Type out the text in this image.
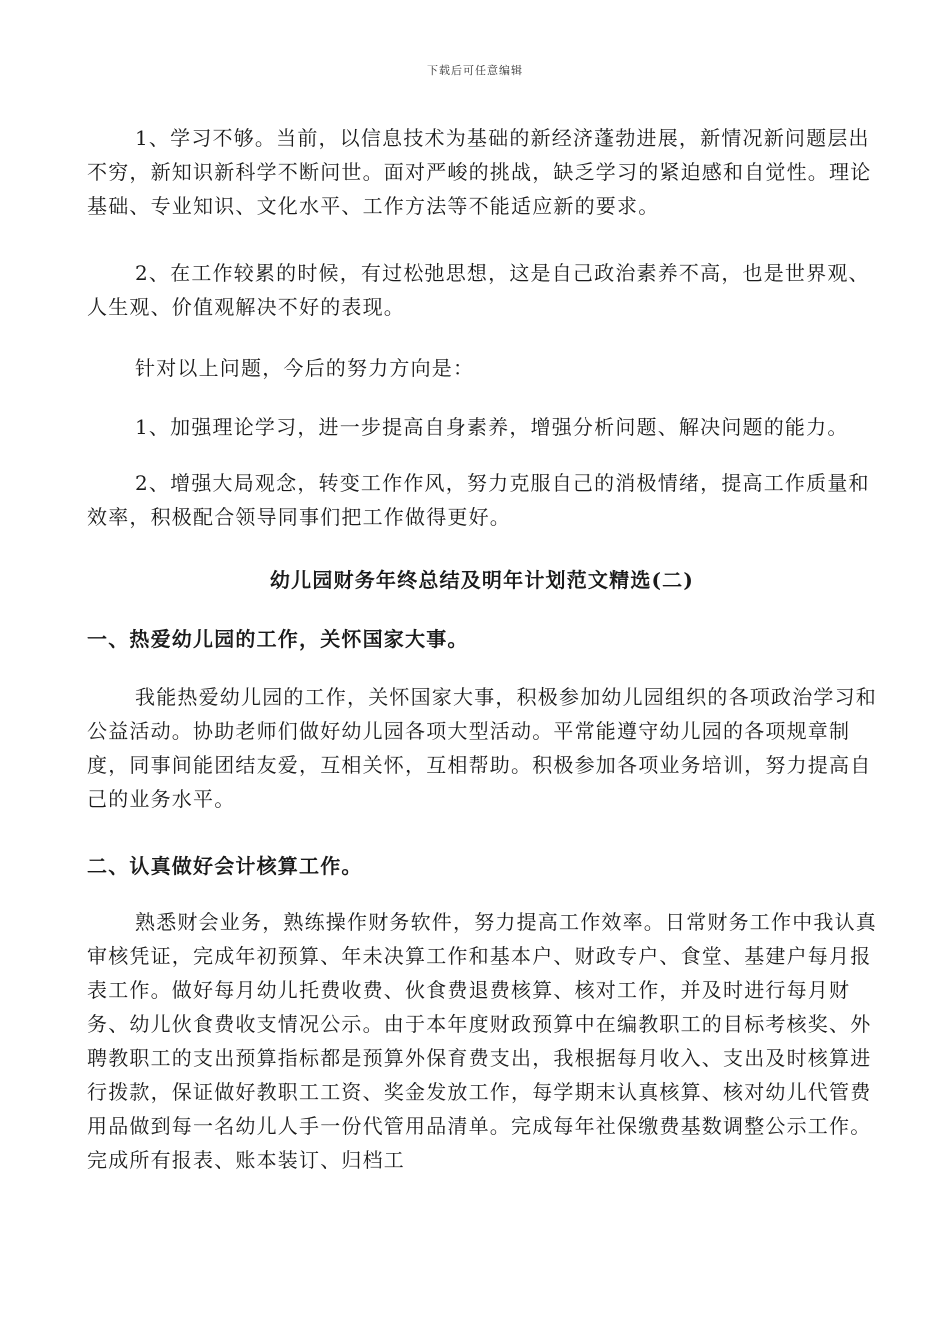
下载后可任意编辑

1、学习不够。当前，以信息技术为基础的新经济蓬勃进展，新情况新问题层出不穷，新知识新科学不断问世。面对严峻的挑战，缺乏学习的紧迫感和自觉性。理论基础、专业知识、文化水平、工作方法等不能适应新的要求。

2、在工作较累的时候，有过松弛思想，这是自己政治素养不高，也是世界观、人生观、价值观解决不好的表现。

针对以上问题，今后的努力方向是：

1、加强理论学习，进一步提高自身素养，增强分析问题、解决问题的能力。

2、增强大局观念，转变工作作风，努力克服自己的消极情绪，提高工作质量和效率，积极配合领导同事们把工作做得更好。

幼儿园财务年终总结及明年计划范文精选(二)

一、热爱幼儿园的工作，关怀国家大事。

我能热爱幼儿园的工作，关怀国家大事，积极参加幼儿园组织的各项政治学习和公益活动。协助老师们做好幼儿园各项大型活动。平常能遵守幼儿园的各项规章制度，同事间能团结友爱，互相关怀，互相帮助。积极参加各项业务培训，努力提高自己的业务水平。

二、认真做好会计核算工作。

熟悉财会业务，熟练操作财务软件，努力提高工作效率。日常财务工作中我认真审核凭证，完成年初预算、年未决算工作和基本户、财政专户、食堂、基建户每月报表工作。做好每月幼儿托费收费、伙食费退费核算、核对工作，并及时进行每月财务、幼儿伙食费收支情况公示。由于本年度财政预算中在编教职工的目标考核奖、外聘教职工的支出预算指标都是预算外保育费支出，我根据每月收入、支出及时核算进行拨款，保证做好教职工工资、奖金发放工作，每学期末认真核算、核对幼儿代管费用品做到每一名幼儿人手一份代管用品清单。完成每年社保缴费基数调整公示工作。完成所有报表、账本装订、归档工
